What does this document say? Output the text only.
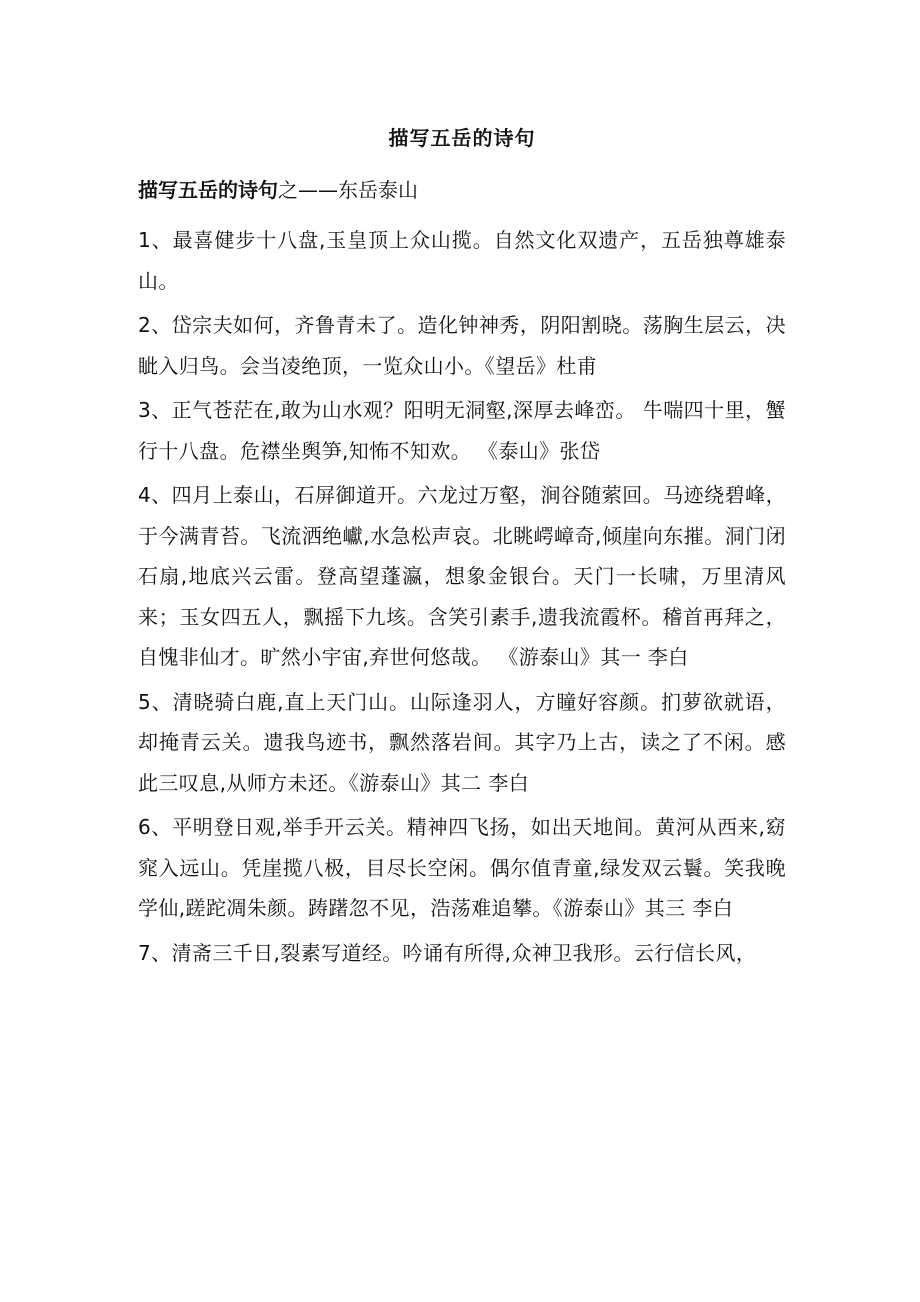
描写五岳的诗句
描写五岳的诗句之——东岳泰山

1、最喜健步十八盘,玉皇顶上众山揽。自然文化双遗产，五岳独尊雄泰山。

2、岱宗夫如何，齐鲁青未了。造化钟神秀，阴阳割晓。荡胸生层云，决眦入归鸟。会当凌绝顶，一览众山小。《望岳》杜甫

3、正气苍茫在,敢为山水观？阳明无洞壑,深厚去峰峦。 牛喘四十里，蟹行十八盘。危襟坐舆笋,知怖不知欢。 《泰山》张岱

4、四月上泰山，石屏御道开。六龙过万壑，涧谷随萦回。马迹绕碧峰，于今满青苔。飞流洒绝巘,水急松声哀。北眺崿嶂奇,倾崖向东摧。洞门闭石扇,地底兴云雷。登高望蓬瀛，想象金银台。天门一长啸，万里清风来；玉女四五人，飘摇下九垓。含笑引素手,遗我流霞杯。稽首再拜之，自愧非仙才。旷然小宇宙,弃世何悠哉。 《游泰山》其一 李白

5、清晓骑白鹿,直上天门山。山际逢羽人，方瞳好容颜。扪萝欲就语，却掩青云关。遗我鸟迹书，飘然落岩间。其字乃上古，读之了不闲。感此三叹息,从师方未还。《游泰山》其二 李白

6、平明登日观,举手开云关。精神四飞扬，如出天地间。黄河从西来,窈窕入远山。凭崖揽八极，目尽长空闲。偶尔值青童,绿发双云鬟。笑我晚学仙,蹉跎凋朱颜。踌躇忽不见，浩荡难追攀。《游泰山》其三 李白

7、清斋三千日,裂素写道经。吟诵有所得,众神卫我形。云行信长风，
